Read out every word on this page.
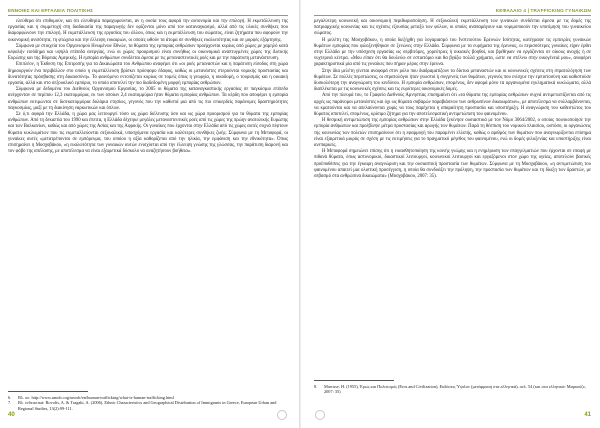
ΕΝΝΟΙΕΣ ΚΑΙ ΕΡΓΑΛΕΙΑ ΠΟΛΙΤΙΚΗΣ

ελεύθερα ότι επιθυμούν, και ότι ελευθερία παραχωρούνται, αν η ουσία τους αφορά την αυτονομία και την επιλογή. Η εκμετάλλευση της εργασίας και η συμμετοχή στη διαδικασία της παραγωγής δεν ορίζονται μόνο από τον καταναγκασμό, αλλά από τις υλικές συνθήκες που διαμορφώνουν την επιλογή. Η εκμετάλλευση της εργασίας του άλλου, όπως και η εκμετάλλευση του σώματος, είναι ζητήματα που αφορούν την οικονομική ανισότητα, τη φτώχεια και την έλλειψη ευκαιριών, οι οποίες ωθούν τα άτομα σε συνθήκες ευαλωτότητας και σε μορφές εξάρτησης.

Σύμφωνα με στοιχεία του Οργανισμού Ηνωμένων Εθνών, τα θύματα της εμπορίας ανθρώπων προέρχονται κυρίως από χώρες με χαμηλό κατά κεφαλήν εισόδημα και υψηλά επίπεδα ανεργίας, ενώ οι χώρες προορισμού είναι συνήθως οι οικονομικά αναπτυγμένες χώρες της Δυτικής Ευρώπης και της Βόρειας Αμερικής. Η εμπορία ανθρώπων συνδέεται άμεσα με τις μεταναστευτικές ροές και με την παράτυπη μετανάστευση.

Επιπλέον, η Έκθεση της Επιτροπής για τα Δικαιώματα του Ανθρώπου αναφέρει ότι «οι ροές μεταναστών και η παράτυπη είσοδος στη χώρα δημιουργούν ένα περιβάλλον στο οποίο η εκμετάλλευση βρίσκει πρόσφορο έδαφος, καθώς οι μετανάστες στερούνται νομικής προστασίας και δυνατότητας πρόσβασης στη δικαιοσύνη». Το φαινόμενο εντοπίζεται κυρίως σε τομείς όπως η γεωργία, η οικοδομή, ο τουρισμός και η οικιακή εργασία, αλλά και στο σεξουαλικό εμπόριο, το οποίο αποτελεί την πιο διαδεδομένη μορφή εμπορίας ανθρώπων.

Σύμφωνα με δεδομένα του Διεθνούς Οργανισμού Εργασίας, το 2005 οι θύματα της καταναγκαστικής εργασίας σε παγκόσμιο επίπεδο ανέρχονταν σε περίπου 12,3 εκατομμύρια, εκ των οποίων 2,4 εκατομμύρια ήταν θύματα εμπορίας ανθρώπων. Τα κέρδη που αποφέρει η εμπορία ανθρώπων εκτιμώνται σε δισεκατομμύρια δολάρια ετησίως, γεγονός που την καθιστά μια από τις πιο επικερδείς παράνομες δραστηριότητες παγκοσμίως, μαζί με τη διακίνηση ναρκωτικών και όπλων.

Σε ό,τι αφορά την Ελλάδα, η χώρα μας λειτουργεί τόσο ως χώρα διέλευσης όσο και ως χώρα προορισμού για τα θύματα της εμπορίας ανθρώπων. Από τη δεκαετία του 1990 και έπειτα, η Ελλάδα δέχτηκε μεγάλες μεταναστευτικές ροές από τις χώρες της πρώην ανατολικής Ευρώπης και των Βαλκανίων, καθώς και από χώρες της Ασίας και της Αφρικής. Οι γυναίκες που έρχονται στην Ελλάδα από τις χώρες αυτές συχνά πέφτουν θύματα κυκλωμάτων που τις εκμεταλλεύονται σεξουαλικά, υποσχόμενα εργασία και καλύτερες συνθήκες ζωής. Σύμφωνα με τη Μεταφορά, οι γυναίκες αυτές «μετατρέπονται σε εμπόρευμα, του οποίου η αξία καθορίζεται από την ηλικία, την εμφάνιση και την εθνικότητα». Όπως επισημαίνει η Μοσχοβάκου, «η ευαλωτότητα των γυναικών αυτών ενισχύεται από την έλλειψη γνώσης της γλώσσας, την παράτυπη διαμονή και τον φόβο της απέλασης, με αποτέλεσμα να είναι εξαιρετικά δύσκολο να αναζητήσουν βοήθεια».

6.	Βλ. σε: http://www.unodc.org/unodc/en/human-trafficking/what-is-human-trafficking.html
7.	Βλ. ενδεικτικά: Rovolis, A. & Tragaki, A. (2006), Ethnic Characteristics and Geographical Distribution of Immigrants in Greece, European Urban and Regional Studies, 13(2):99-111.
40
ΚΕΦΑΛΑΙΟ 4 | ΤRΑFFICΚΙΝG ΓΥΝΑΙΚΩΝ

μεγαλύτερη κοινωνική και οικονομική περιθωριοποίηση. Η σεξουαλική εκμετάλλευση των γυναικών συνδέεται άμεσα με τις δομές της πατριαρχικής κοινωνίας και τις σχέσεις εξουσίας μεταξύ των φύλων, οι οποίες αναπαράγουν και νομιμοποιούν την υποτίμηση του γυναικείου σώματος.

Η μελέτη της Μοσχοβάκου, η οποία διεξήχθη για λογαριασμό του Ινστιτούτου Ερευνών Ισότητας, κατέγραψε τις εμπειρίες γυναικών θυμάτων εμπορίας που φιλοξενήθηκαν σε ξενώνες στην Ελλάδα. Σύμφωνα με τα ευρήματα της έρευνας, οι περισσότερες γυναίκες είχαν έρθει στην Ελλάδα με την υπόσχεση εργασίας ως σερβιτόρες, χορεύτριες ή οικιακές βοηθοί, και βρέθηκαν να εργάζονται σε οίκους ανοχής ή σε νυχτερινά κέντρα. «Μου είπαν ότι θα δουλεύω σε εστιατόριο και θα βγάζω πολλά χρήματα, ώστε να στέλνω στην οικογένειά μου», αναφέρει χαρακτηριστικά μία από τις γυναίκες που πήραν μέρος στην έρευνα.

Στην ίδια μελέτη γίνεται αναφορά στον ρόλο που διαδραματίζουν τα δίκτυα μεταναστών και οι κοινωνικές σχέσεις στη στρατολόγηση των θυμάτων. Σε πολλές περιπτώσεις, οι στρατολόγοι ήταν γνωστοί ή συγγενείς των θυμάτων, γεγονός που ενίσχυε την εμπιστοσύνη και καθιστούσε δυσκολότερη την αναγνώριση του κινδύνου. Η εμπορία ανθρώπων, επομένως, δεν αφορά μόνο τα οργανωμένα εγκληματικά κυκλώματα, αλλά διαπλέκεται με τις κοινωνικές σχέσεις και τις ευρύτερες οικονομικές δομές.

Από την πλευρά του, το Γραφείο Διεθνούς Αμνηστίας επισημαίνει ότι «τα θύματα της εμπορίας ανθρώπων συχνά αντιμετωπίζονται από τις αρχές ως παράνομοι μετανάστες και όχι ως θύματα σοβαρών παραβιάσεων των ανθρωπίνων δικαιωμάτων», με αποτέλεσμα να συλλαμβάνονται, να κρατούνται και να απελαύνονται χωρίς να τους παρέχεται η απαραίτητη προστασία και υποστήριξη. Η αναγνώριση του καθεστώτος του θύματος αποτελεί, επομένως, κρίσιμο ζήτημα για την αποτελεσματική αντιμετώπιση του φαινομένου.

Η θεσμική αντιμετώπιση της εμπορίας ανθρώπων στην Ελλάδα ξεκίνησε ουσιαστικά με τον Νόμο 3064/2002, ο οποίος ποινικοποίησε την εμπορία ανθρώπων και προέβλεψε μέτρα προστασίας και αρωγής των θυμάτων. Παρά τη θέσπιση του νομικού πλαισίου, ωστόσο, οι οργανώσεις της κοινωνίας των πολιτών επισημαίνουν ότι η εφαρμογή του παραμένει ελλιπής, καθώς ο αριθμός των θυμάτων που αναγνωρίζονται επίσημα είναι εξαιρετικά μικρός σε σχέση με τις εκτιμήσεις για το πραγματικό μέγεθος του φαινομένου, ενώ οι δομές φιλοξενίας και υποστήριξης είναι ανεπαρκείς.

Η Μεταφορά σημειώνει επίσης ότι η ευαισθητοποίηση της κοινής γνώμης και η ενημέρωση των επαγγελματιών που έρχονται σε επαφή με πιθανά θύματα, όπως αστυνομικοί, δικαστικοί λειτουργοί, κοινωνικοί λειτουργοί και εργαζόμενοι στον χώρο της υγείας, αποτελούν βασικές προϋποθέσεις για την έγκαιρη αναγνώριση και την ουσιαστική προστασία των θυμάτων. Σύμφωνα με τη Μοσχοβάκου, «η αντιμετώπιση του φαινομένου απαιτεί μια ολιστική προσέγγιση, η οποία θα συνδυάζει την πρόληψη, την προστασία των θυμάτων και τη δίωξη των δραστών, με σεβασμό στα ανθρώπινα δικαιώματα» (Μοσχοβάκου, 2007: 35).

8.	Marcuse, H. (1955), Έρως και Πολιτισμός (Eros and Civilization), Εκδόσεις Ύψιλον (μετάφραση στα ελληνικά), σελ. 54 (και στα ελληνικά: Μαρκούζε, 2007: 35)
41
